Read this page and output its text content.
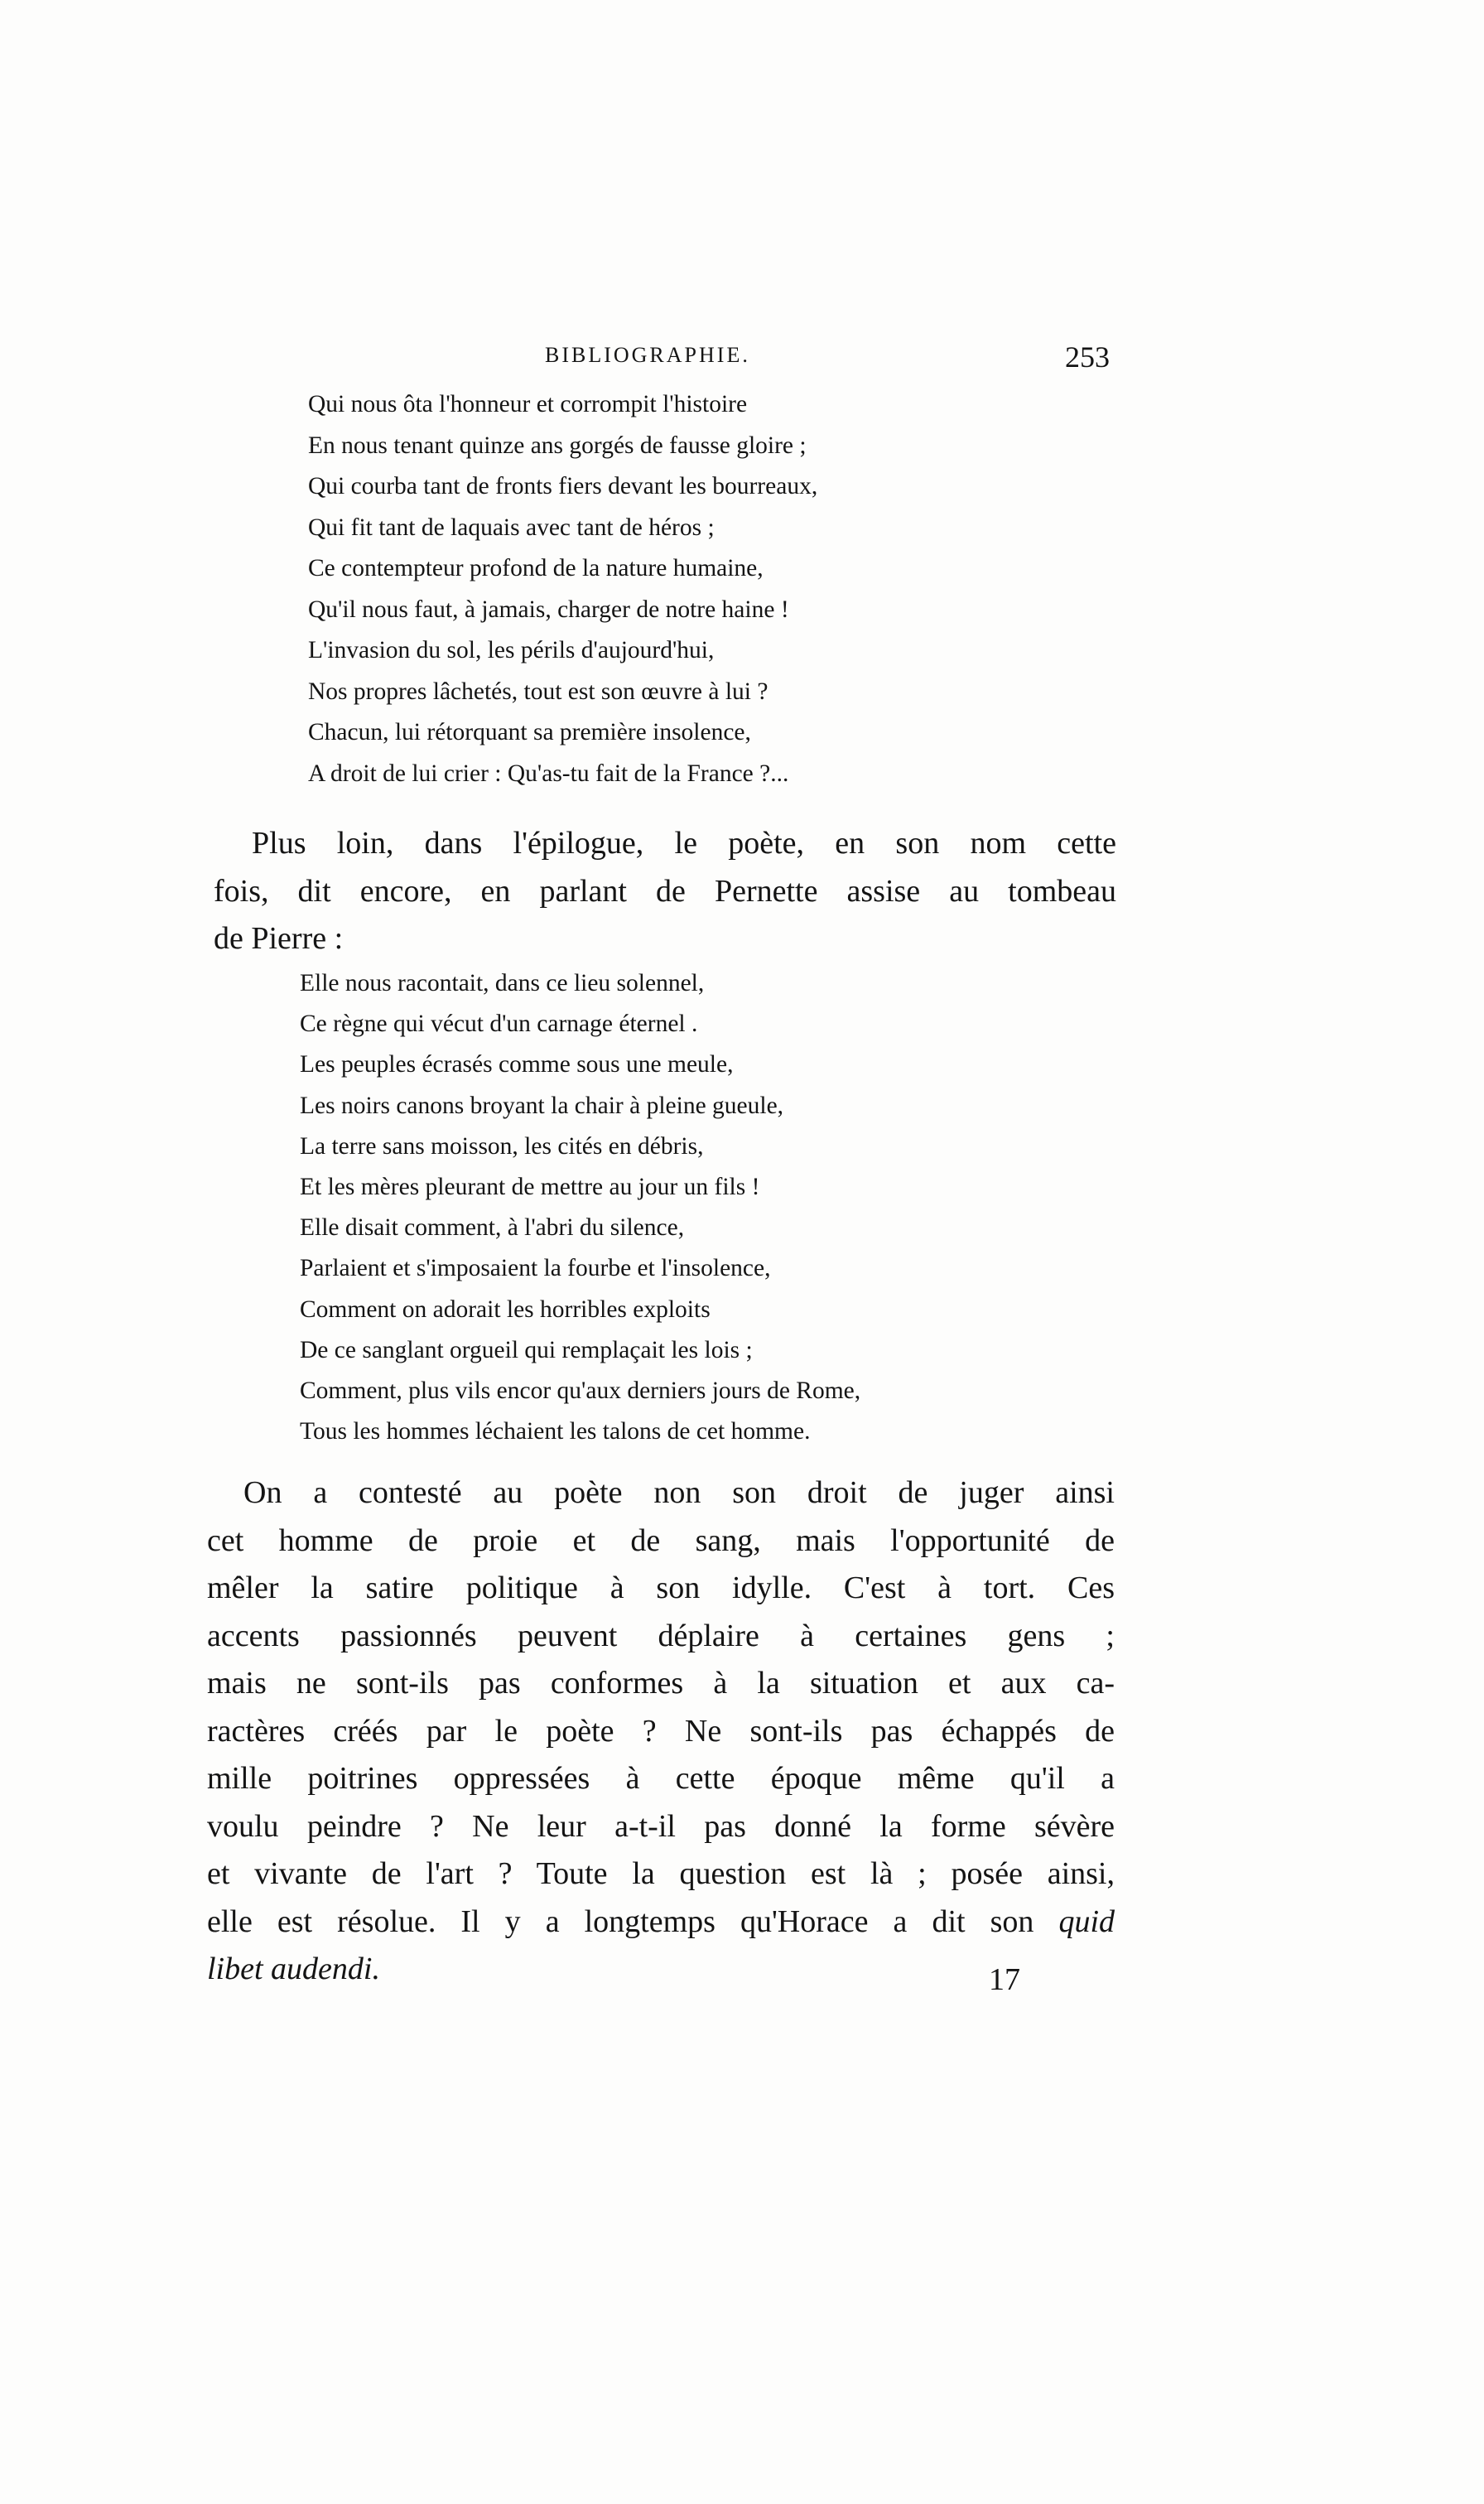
BIBLIOGRAPHIE.	253
Qui nous ôta l'honneur et corrompit l'histoire
En nous tenant quinze ans gorgés de fausse gloire ;
Qui courba tant de fronts fiers devant les bourreaux,
Qui fit tant de laquais avec tant de héros ;
Ce contempteur profond de la nature humaine,
Qu'il nous faut, à jamais, charger de notre haine !
L'invasion du sol, les périls d'aujourd'hui,
Nos propres lâchetés, tout est son œuvre à lui ?
Chacun, lui rétorquant sa première insolence,
A droit de lui crier : Qu'as-tu fait de la France ?...
Plus loin, dans l'épilogue, le poète, en son nom cette
fois, dit encore, en parlant de Pernette assise au tombeau
de Pierre :
Elle nous racontait, dans ce lieu solennel,
Ce règne qui vécut d'un carnage éternel .
Les peuples écrasés comme sous une meule,
Les noirs canons broyant la chair à pleine gueule,
La terre sans moisson, les cités en débris,
Et les mères pleurant de mettre au jour un fils !
Elle disait comment, à l'abri du silence,
Parlaient et s'imposaient la fourbe et l'insolence,
Comment on adorait les horribles exploits
De ce sanglant orgueil qui remplaçait les lois ;
Comment, plus vils encor qu'aux derniers jours de Rome,
Tous les hommes léchaient les talons de cet homme.
On a contesté au poète non son droit de juger ainsi
cet homme de proie et de sang, mais l'opportunité de
mêler la satire politique à son idylle. C'est à tort. Ces
accents passionnés peuvent déplaire à certaines gens ;
mais ne sont-ils pas conformes à la situation et aux ca-
ractères créés par le poète ? Ne sont-ils pas échappés de
mille poitrines oppressées à cette époque même qu'il a
voulu peindre ? Ne leur a-t-il pas donné la forme sévère
et vivante de l'art ? Toute la question est là ; posée ainsi,
elle est résolue. Il y a longtemps qu'Horace a dit son quid
libet audendi.	17
